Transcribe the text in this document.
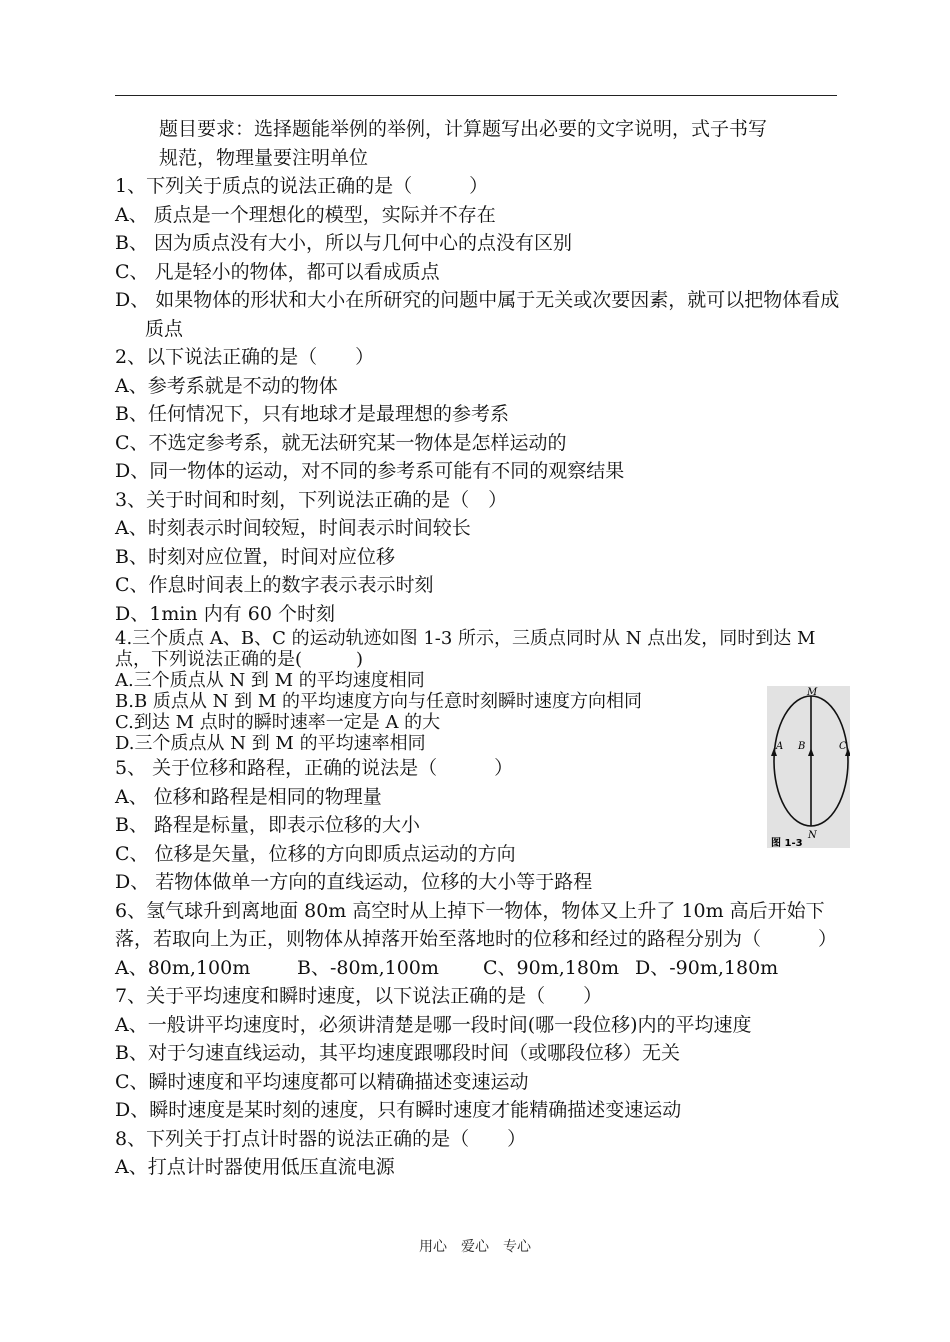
题目要求：选择题能举例的举例，计算题写出必要的文字说明，式子书写
规范，物理量要注明单位
1、下列关于质点的说法正确的是（　　　）
A、 质点是一个理想化的模型，实际并不存在
B、 因为质点没有大小，所以与几何中心的点没有区别
C、 凡是轻小的物体，都可以看成质点
D、 如果物体的形状和大小在所研究的问题中属于无关或次要因素，就可以把物体看成质点
2、以下说法正确的是（　　）
A、参考系就是不动的物体
B、任何情况下，只有地球才是最理想的参考系
C、不选定参考系，就无法研究某一物体是怎样运动的
D、同一物体的运动，对不同的参考系可能有不同的观察结果
3、关于时间和时刻，下列说法正确的是（　）
A、时刻表示时间较短，时间表示时间较长
B、时刻对应位置，时间对应位移
C、作息时间表上的数字表示表示时刻
D、1min 内有 60 个时刻
4.三个质点 A、B、C 的运动轨迹如图 1-3 所示，三质点同时从 N 点出发，同时到达 M 点，下列说法正确的是(　　　)
A.三个质点从 N 到 M 的平均速度相同
B.B 质点从 N 到 M 的平均速度方向与任意时刻瞬时速度方向相同
C.到达 M 点时的瞬时速率一定是 A 的大
D.三个质点从 N 到 M 的平均速率相同
5、 关于位移和路程，正确的说法是（　　　）
A、 位移和路程是相同的物理量
B、 路程是标量，即表示位移的大小
C、 位移是矢量，位移的方向即质点运动的方向
D、 若物体做单一方向的直线运动，位移的大小等于路程
6、氢气球升到离地面 80m 高空时从上掉下一物体，物体又上升了 10m 高后开始下落，若取向上为正，则物体从掉落开始至落地时的位移和经过的路程分别为（　　　）
A、80m,100m	B、-80m,100m	C、90m,180m D、-90m,180m
7、关于平均速度和瞬时速度，以下说法正确的是（　　）
A、一般讲平均速度时，必须讲清楚是哪一段时间(哪一段位移)内的平均速度
B、对于匀速直线运动，其平均速度跟哪段时间（或哪段位移）无关
C、瞬时速度和平均速度都可以精确描述变速运动
D、瞬时速度是某时刻的速度，只有瞬时速度才能精确描述变速运动
8、下列关于打点计时器的说法正确的是（　　）
A、打点计时器使用低压直流电源
M
A B	C
N
图 1-3
用心　爱心　专心
